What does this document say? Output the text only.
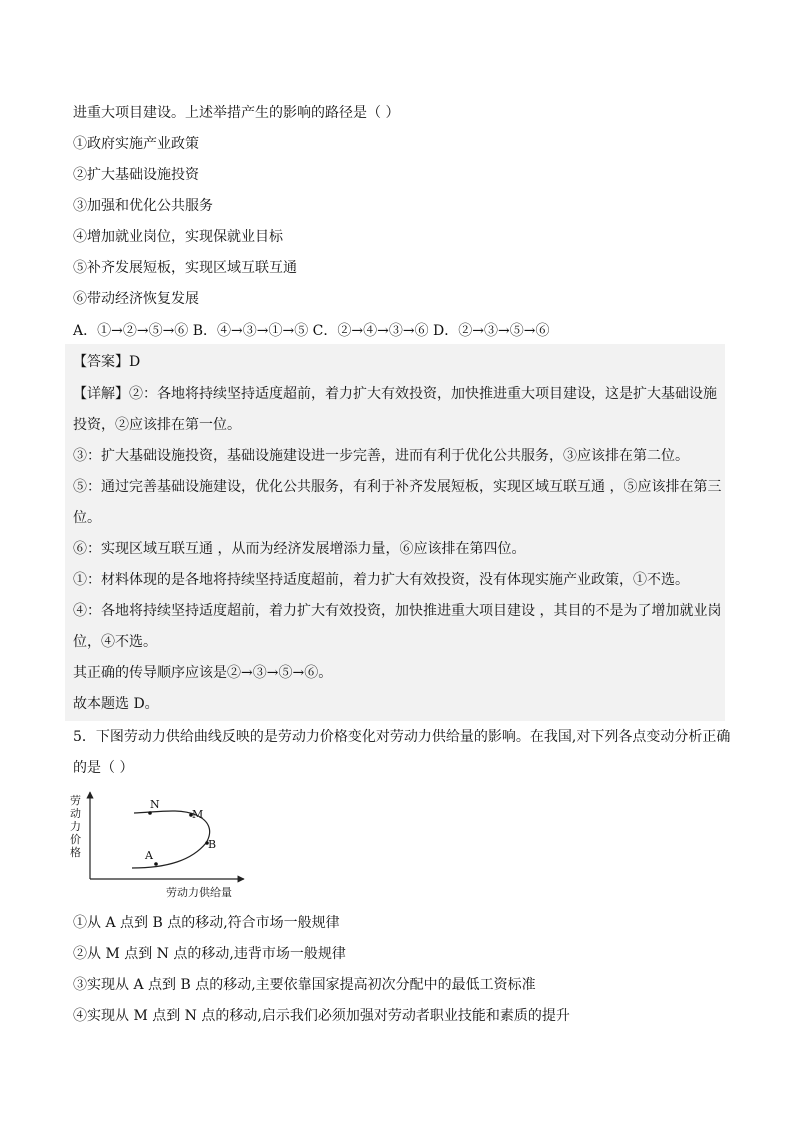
进重大项目建设。上述举措产生的影响的路径是（ ）
①政府实施产业政策
②扩大基础设施投资
③加强和优化公共服务
④增加就业岗位，实现保就业目标
⑤补齐发展短板，实现区域互联互通
⑥带动经济恢复发展
A．①→②→⑤→⑥ B．④→③→①→⑤ C．②→④→③→⑥ D．②→③→⑤→⑥
【答案】D
【详解】②：各地将持续坚持适度超前，着力扩大有效投资，加快推进重大项目建设，这是扩大基础设施
投资，②应该排在第一位。
③：扩大基础设施投资，基础设施建设进一步完善，进而有利于优化公共服务，③应该排在第二位。
⑤：通过完善基础设施建设，优化公共服务，有利于补齐发展短板，实现区域互联互通 ，⑤应该排在第三
位。
⑥：实现区域互联互通 ，从而为经济发展增添力量，⑥应该排在第四位。
①：材料体现的是各地将持续坚持适度超前，着力扩大有效投资，没有体现实施产业政策，①不选。
④：各地将持续坚持适度超前，着力扩大有效投资，加快推进重大项目建设 ，其目的不是为了增加就业岗
位，④不选。
其正确的传导顺序应该是②→③→⑤→⑥。
故本题选 D。
5．下图劳动力供给曲线反映的是劳动力价格变化对劳动力供给量的影响。在我国,对下列各点变动分析正确
的是（ ）
劳
动
力
价
格
N
M
B
A
劳动力供给量
①从 A 点到 B 点的移动,符合市场一般规律
②从 M 点到 N 点的移动,违背市场一般规律
③实现从 A 点到 B 点的移动,主要依靠国家提高初次分配中的最低工资标准
④实现从 M 点到 N 点的移动,启示我们必须加强对劳动者职业技能和素质的提升
